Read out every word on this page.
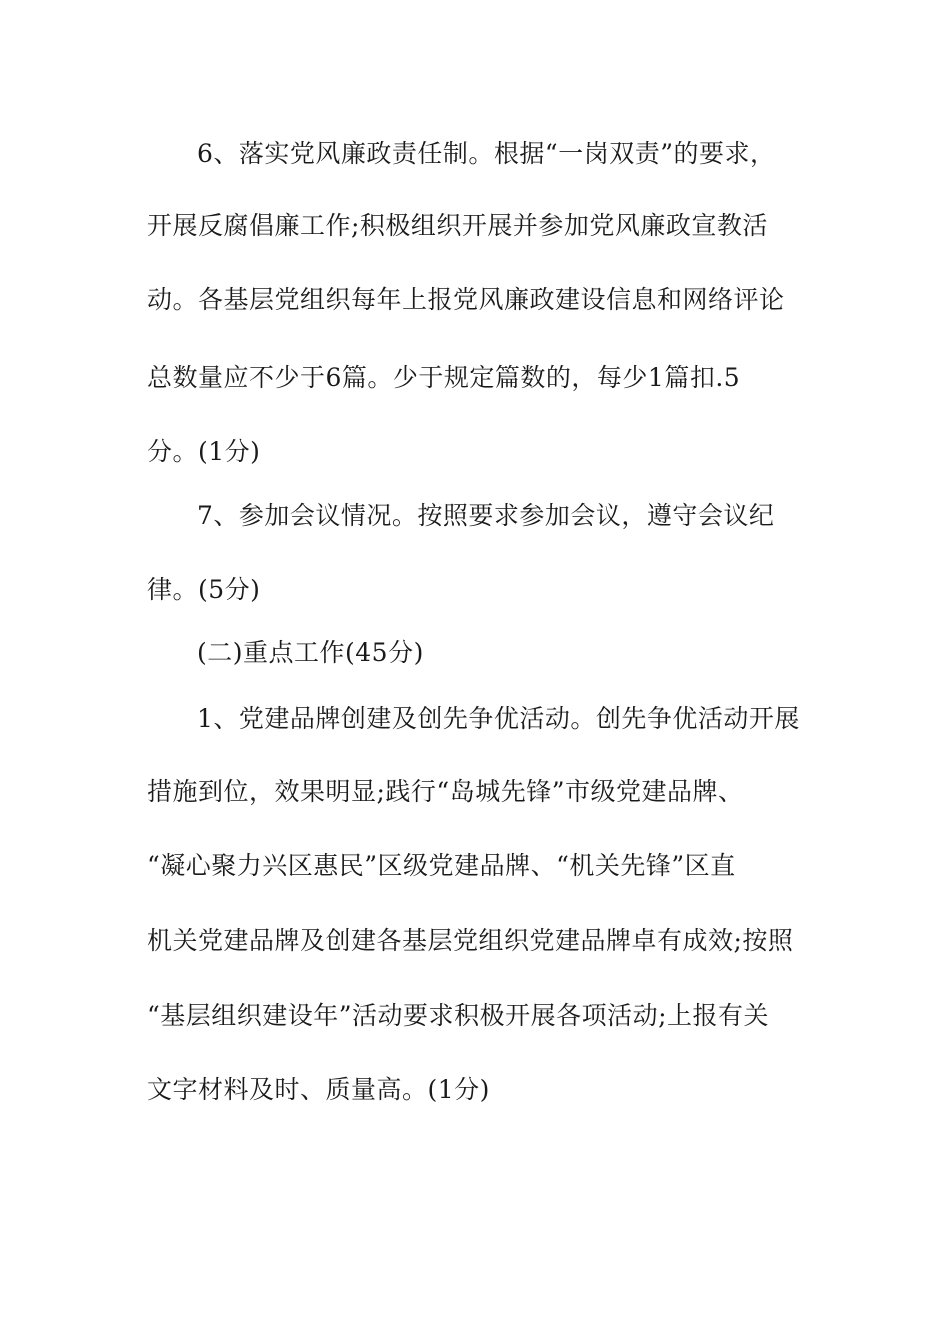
6、落实党风廉政责任制。根据“一岗双责”的要求，
开展反腐倡廉工作;积极组织开展并参加党风廉政宣教活
动。各基层党组织每年上报党风廉政建设信息和网络评论
总数量应不少于6篇。少于规定篇数的，每少1篇扣.5
分。(1分)
7、参加会议情况。按照要求参加会议，遵守会议纪
律。(5分)
(二)重点工作(45分)
1、党建品牌创建及创先争优活动。创先争优活动开展
措施到位，效果明显;践行“岛城先锋”市级党建品牌、
“凝心聚力兴区惠民”区级党建品牌、“机关先锋”区直
机关党建品牌及创建各基层党组织党建品牌卓有成效;按照
“基层组织建设年”活动要求积极开展各项活动;上报有关
文字材料及时、质量高。(1分)
